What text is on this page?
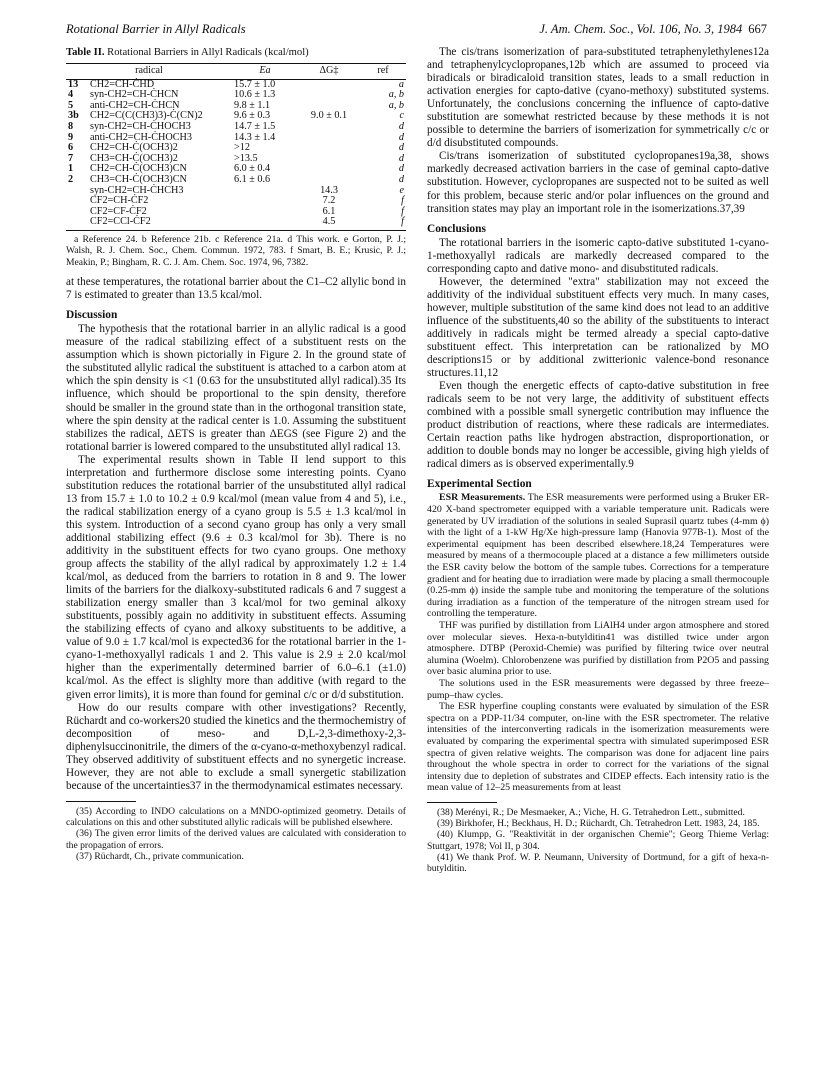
Rotational Barrier in Allyl Radicals	J. Am. Chem. Soc., Vol. 106, No. 3, 1984 667
Table II. Rotational Barriers in Allyl Radicals (kcal/mol)
radical		Ea	ΔG‡	ref
13	CH2=CH-ĊHD	15.7 ± 1.0		a
4	syn-CH2=CH-ĊHCN	10.6 ± 1.3		a, b
5	anti-CH2=CH-ĊHCN	9.8 ± 1.1		a, b
3b	CH2=C(C(CH3)3)-Ċ(CN)2	9.6 ± 0.3	9.0 ± 0.1	c
8	syn-CH2=CH-ĊHOCH3	14.7 ± 1.5		d
9	anti-CH2=CH-ĊHOCH3	14.3 ± 1.4		d
6	CH2=CH-Ċ(OCH3)2	>12		d
7	CH3=CH-Ċ(OCH3)2	>13.5		d
1	CH2=CH-Ċ(OCH3)CN	6.0 ± 0.4		d
2	CH3=CH-Ċ(OCH3)CN	6.1 ± 0.6		d
	syn-CH2=CH-ĊHCH3		14.3	e
	CF2=CH-ĊF2		7.2	f
	CF2=CF-ĊF2		6.1	f
	CF2=CCl-ĊF2		4.5	f

a Reference 24. b Reference 21b. c Reference 21a. d This work. e Gorton, P. J.; Walsh, R. J. Chem. Soc., Chem. Commun. 1972, 783. f Smart, B. E.; Krusic, P. J.; Meakin, P.; Bingham, R. C. J. Am. Chem. Soc. 1974, 96, 7382.

at these temperatures, the rotational barrier about the C1–C2 allylic bond in 7 is estimated to greater than 13.5 kcal/mol.

Discussion

The hypothesis that the rotational barrier in an allylic radical is a good measure of the radical stabilizing effect of a substituent rests on the assumption which is shown pictorially in Figure 2. In the ground state of the substituted allylic radical the substituent is attached to a carbon atom at which the spin density is <1 (0.63 for the unsubstituted allyl radical).35 Its influence, which should be proportional to the spin density, therefore should be smaller in the ground state than in the orthogonal transition state, where the spin density at the radical center is 1.0. Assuming the substituent stabilizes the radical, ΔETS is greater than ΔEGS (see Figure 2) and the rotational barrier is lowered compared to the unsubstituted allyl radical 13.

The experimental results shown in Table II lend support to this interpretation and furthermore disclose some interesting points. Cyano substitution reduces the rotational barrier of the unsubstituted allyl radical 13 from 15.7 ± 1.0 to 10.2 ± 0.9 kcal/mol (mean value from 4 and 5), i.e., the radical stabilization energy of a cyano group is 5.5 ± 1.3 kcal/mol in this system. Introduction of a second cyano group has only a very small additional stabilizing effect (9.6 ± 0.3 kcal/mol for 3b). There is no additivity in the substituent effects for two cyano groups. One methoxy group affects the stability of the allyl radical by approximately 1.2 ± 1.4 kcal/mol, as deduced from the barriers to rotation in 8 and 9. The lower limits of the barriers for the dialkoxy-substituted radicals 6 and 7 suggest a stabilization energy smaller than 3 kcal/mol for two geminal alkoxy substituents, possibly again no additivity in substituent effects. Assuming the stabilizing effects of cyano and alkoxy substituents to be additive, a value of 9.0 ± 1.7 kcal/mol is expected36 for the rotational barrier in the 1-cyano-1-methoxyallyl radicals 1 and 2. This value is 2.9 ± 2.0 kcal/mol higher than the experimentally determined barrier of 6.0–6.1 (±1.0) kcal/mol. As the effect is slighlty more than additive (with regard to the given error limits), it is more than found for geminal c/c or d/d substitution.

How do our results compare with other investigations? Recently, Rüchardt and co-workers20 studied the kinetics and the thermochemistry of decomposition of meso- and D,L-2,3-dimethoxy-2,3-diphenylsuccinonitrile, the dimers of the α-cyano-α-methoxybenzyl radical. They observed additivity of substituent effects and no synergetic increase. However, they are not able to exclude a small synergetic stabilization because of the uncertainties37 in the thermodynamical estimates necessary.

(35) According to INDO calculations on a MNDO-optimized geometry. Details of calculations on this and other substituted allylic radicals will be published elsewhere.

(36) The given error limits of the derived values are calculated with consideration to the propagation of errors.

(37) Rüchardt, Ch., private communication.

The cis/trans isomerization of para-substituted tetraphenylethylenes12a and tetraphenylcyclopropanes,12b which are assumed to proceed via biradicals or biradicaloid transition states, leads to a small reduction in activation energies for capto-dative (cyano-methoxy) substituted systems. Unfortunately, the conclusions concerning the influence of capto-dative substitution are somewhat restricted because by these methods it is not possible to determine the barriers of isomerization for symmetrically c/c or d/d disubstituted compounds.

Cis/trans isomerization of substituted cyclopropanes19a,38, shows markedly decreased activation barriers in the case of geminal capto-dative substitution. However, cyclopropanes are suspected not to be suited as well for this problem, because steric and/or polar influences on the ground and transition states may play an important role in the isomerizations.37,39

Conclusions

The rotational barriers in the isomeric capto-dative substituted 1-cyano-1-methoxyallyl radicals are markedly decreased compared to the corresponding capto and dative mono- and disubstituted radicals.

However, the determined "extra" stabilization may not exceed the additivity of the individual substituent effects very much. In many cases, however, multiple substitution of the same kind does not lead to an additive influence of the substituents,40 so the ability of the substituents to interact additively in radicals might be termed already a special capto-dative substituent effect. This interpretation can be rationalized by MO descriptions15 or by additional zwitterionic valence-bond resonance structures.11,12

Even though the energetic effects of capto-dative substitution in free radicals seem to be not very large, the additivity of substituent effects combined with a possible small synergetic contribution may influence the product distribution of reactions, where these radicals are intermediates. Certain reaction paths like hydrogen abstraction, disproportionation, or addition to double bonds may no longer be accessible, giving high yields of radical dimers as is observed experimentally.9

Experimental Section

ESR Measurements. The ESR measurements were performed using a Bruker ER-420 X-band spectrometer equipped with a variable temperature unit. Radicals were generated by UV irradiation of the solutions in sealed Suprasil quartz tubes (4-mm ϕ) with the light of a 1-kW Hg/Xe high-pressure lamp (Hanovia 977B-1). Most of the experimental equipment has been described elsewhere.18,24 Temperatures were measured by means of a thermocouple placed at a distance a few millimeters outside the ESR cavity below the bottom of the sample tubes. Corrections for a temperature gradient and for heating due to irradiation were made by placing a small thermocouple (0.25-mm ϕ) inside the sample tube and monitoring the temperature of the solutions during irradiation as a function of the temperature of the nitrogen stream used for controlling the temperature.

THF was purified by distillation from LiAlH4 under argon atmosphere and stored over molecular sieves. Hexa-n-butylditin41 was distilled twice under argon atmosphere. DTBP (Peroxid-Chemie) was purified by filtering twice over neutral alumina (Woelm). Chlorobenzene was purified by distillation from P2O5 and passing over basic alumina prior to use.

The solutions used in the ESR measurements were degassed by three freeze–pump–thaw cycles.

The ESR hyperfine coupling constants were evaluated by simulation of the ESR spectra on a PDP-11/34 computer, on-line with the ESR spectrometer. The relative intensities of the interconverting radicals in the isomerization measurements were evaluated by comparing the experimental spectra with simulated superimposed ESR spectra of given relative weights. The comparison was done for adjacent line pairs throughout the whole spectra in order to correct for the variations of the signal intensity due to depletion of substrates and CIDEP effects. Each intensity ratio is the mean value of 12–25 measurements from at least

(38) Merényi, R.; De Mesmaeker, A.; Viche, H. G. Tetrahedron Lett., submitted.

(39) Birkhofer, H.; Beckhaus, H. D.; Rüchardt, Ch. Tetrahedron Lett. 1983, 24, 185.

(40) Klumpp, G. "Reaktivität in der organischen Chemie"; Georg Thieme Verlag: Stuttgart, 1978; Vol II, p 304.

(41) We thank Prof. W. P. Neumann, University of Dortmund, for a gift of hexa-n-butylditin.
